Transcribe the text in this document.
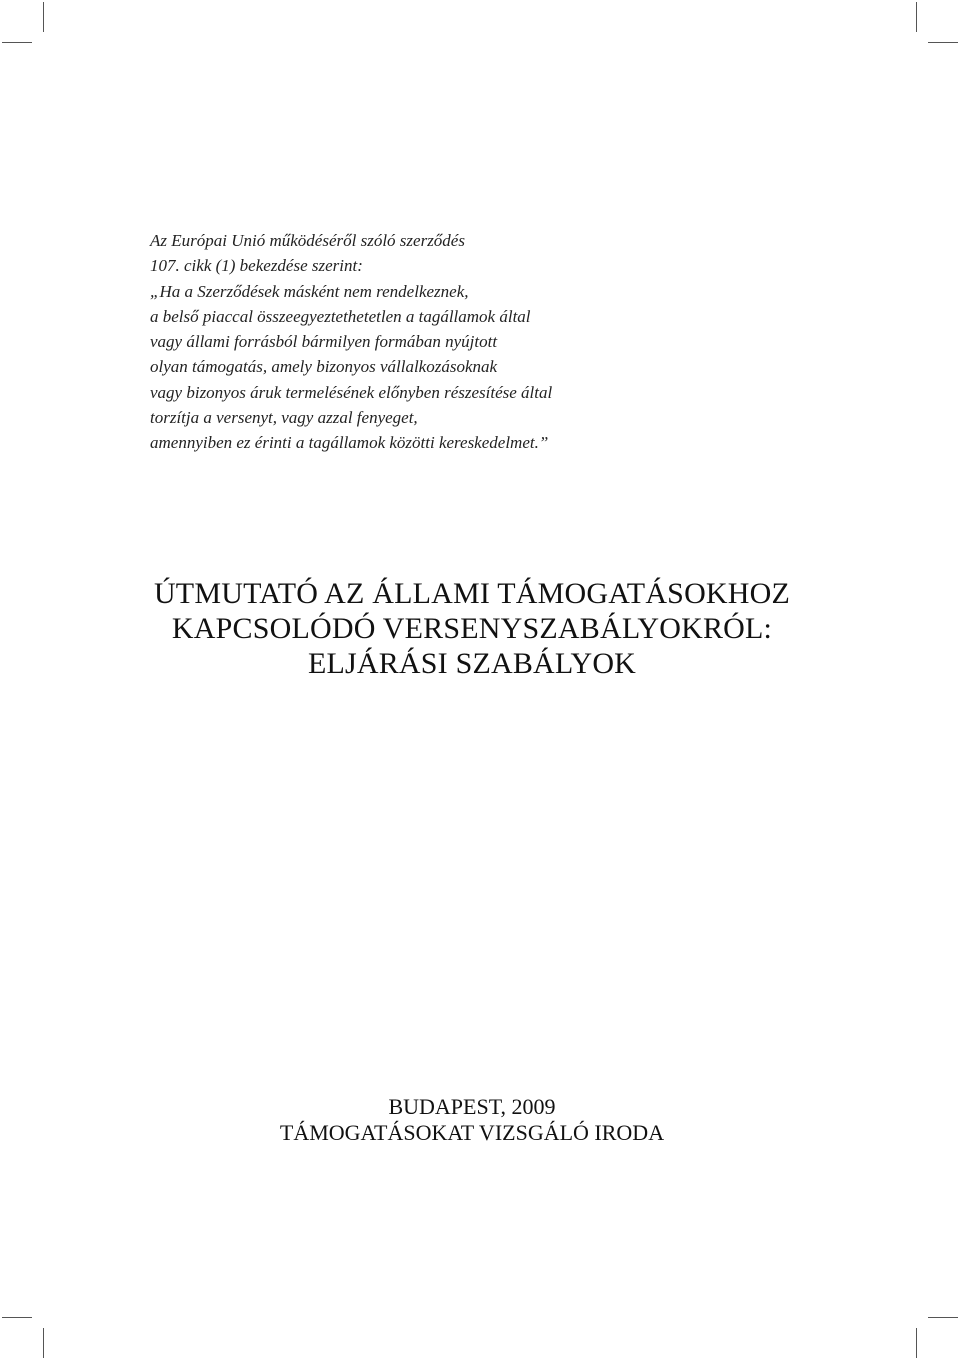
Az Európai Unió működéséről szóló szerződés
107. cikk (1) bekezdése szerint:
„Ha a Szerződések másként nem rendelkeznek,
a belső piaccal összeegyeztethetetlen a tagállamok által
vagy állami forrásból bármilyen formában nyújtott
olyan támogatás, amely bizonyos vállalkozásoknak
vagy bizonyos áruk termelésének előnyben részesítése által
torzítja a versenyt, vagy azzal fenyeget,
amennyiben ez érinti a tagállamok közötti kereskedelmet.”
ÚTMUTATÓ AZ ÁLLAMI TÁMOGATÁSOKHOZ
KAPCSOLÓDÓ VERSENYSZABÁLYOKRÓL:
ELJÁRÁSI SZABÁLYOK
BUDAPEST, 2009
TÁMOGATÁSOKAT VIZSGÁLÓ IRODA
